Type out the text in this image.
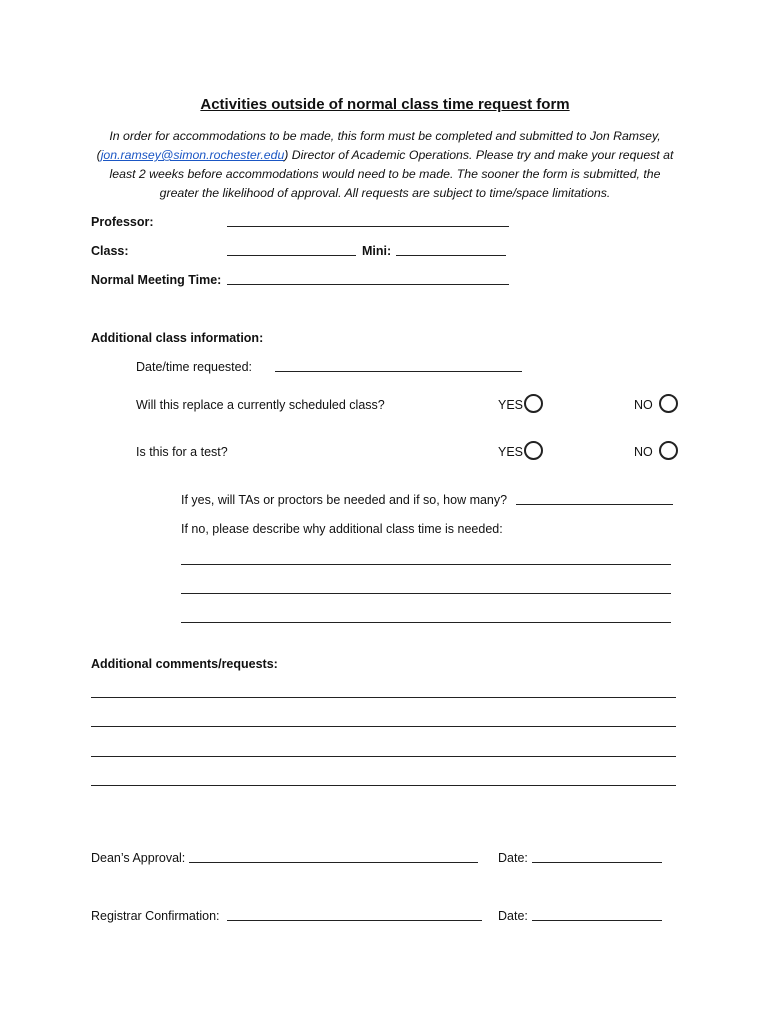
Activities outside of normal class time request form
In order for accommodations to be made, this form must be completed and submitted to Jon Ramsey, (jon.ramsey@simon.rochester.edu) Director of Academic Operations. Please try and make your request at least 2 weeks before accommodations would need to be made. The sooner the form is submitted, the greater the likelihood of approval. All requests are subject to time/space limitations.
Professor:
Class:	Mini:
Normal Meeting Time:
Additional class information:
Date/time requested:
Will this replace a currently scheduled class?	YES	NO
Is this for a test?	YES	NO
If yes, will TAs or proctors be needed and if so, how many?
If no, please describe why additional class time is needed:
Additional comments/requests:
Dean’s Approval:	Date:
Registrar Confirmation:	Date:
